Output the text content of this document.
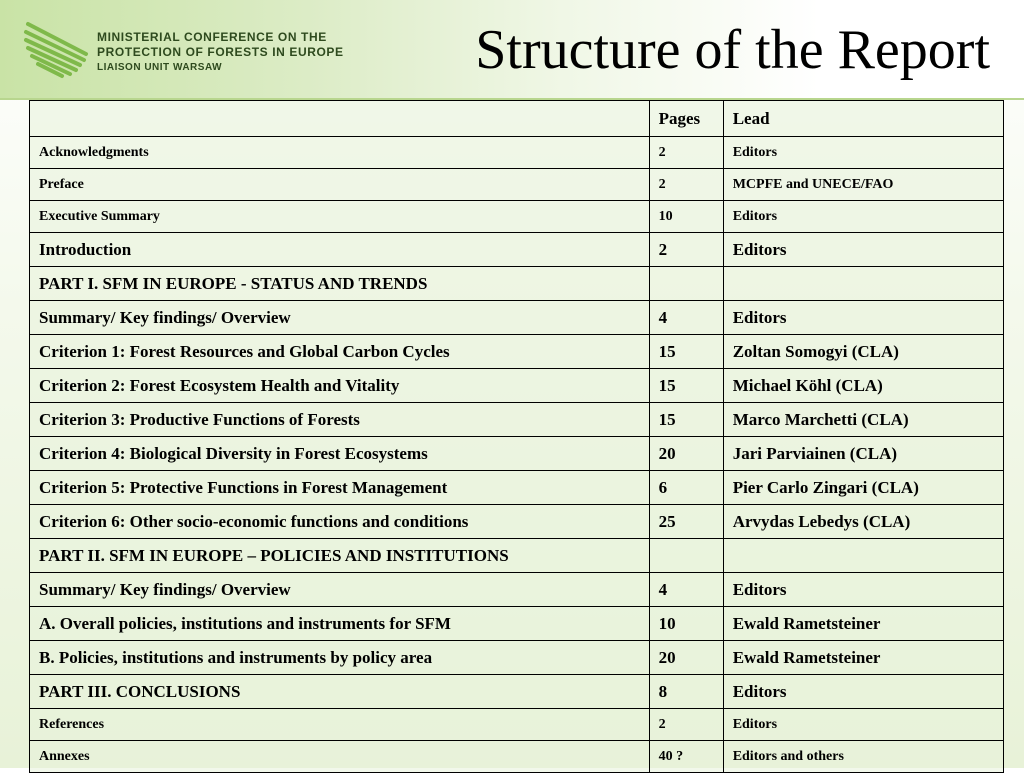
MINISTERIAL CONFERENCE ON THE
PROTECTION OF FORESTS IN EUROPE
LIAISON UNIT WARSAW	Structure of the Report
	Pages	Lead
Acknowledgments	2	Editors
Preface	2	MCPFE and UNECE/FAO
Executive Summary	10	Editors
Introduction	2	Editors
PART I. SFM IN EUROPE - STATUS AND TRENDS		
Summary/ Key findings/ Overview	4	Editors
Criterion 1: Forest Resources and Global Carbon Cycles	15	Zoltan Somogyi (CLA)
Criterion 2: Forest Ecosystem Health and Vitality	15	Michael Köhl (CLA)
Criterion 3: Productive Functions of Forests	15	Marco Marchetti (CLA)
Criterion 4: Biological Diversity in Forest Ecosystems	20	Jari Parviainen (CLA)
Criterion 5: Protective Functions in Forest Management	6	Pier Carlo Zingari (CLA)
Criterion 6: Other socio-economic functions and conditions	25	Arvydas Lebedys (CLA)
PART II. SFM IN EUROPE – POLICIES AND INSTITUTIONS		
Summary/ Key findings/ Overview	4	Editors
A. Overall policies, institutions and instruments for SFM	10	Ewald Rametsteiner
B. Policies, institutions and instruments by policy area	20	Ewald Rametsteiner
PART III. CONCLUSIONS	8	Editors
References	2	Editors
Annexes	40 ?	Editors and others
